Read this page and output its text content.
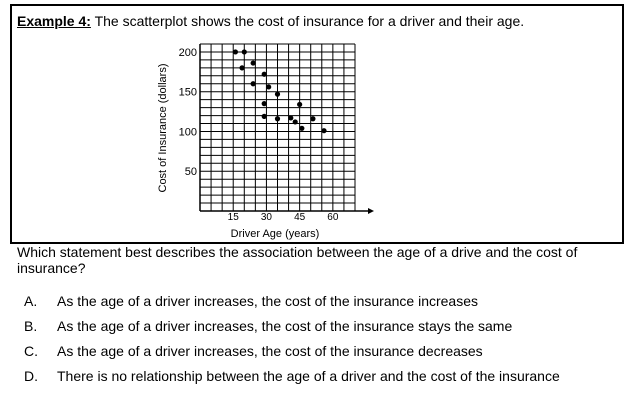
Example 4: The scatterplot shows the cost of insurance for a driver and their age.
15 30 45 60
50
100
150
200
Driver Age (years)
Cost of Insurance (dollars)
Which statement best describes the association between the age of a drive and the cost of insurance?
A. As the age of a driver increases, the cost of the insurance increases
B. As the age of a driver increases, the cost of the insurance stays the same
C. As the age of a driver increases, the cost of the insurance decreases
D. There is no relationship between the age of a driver and the cost of the insurance
